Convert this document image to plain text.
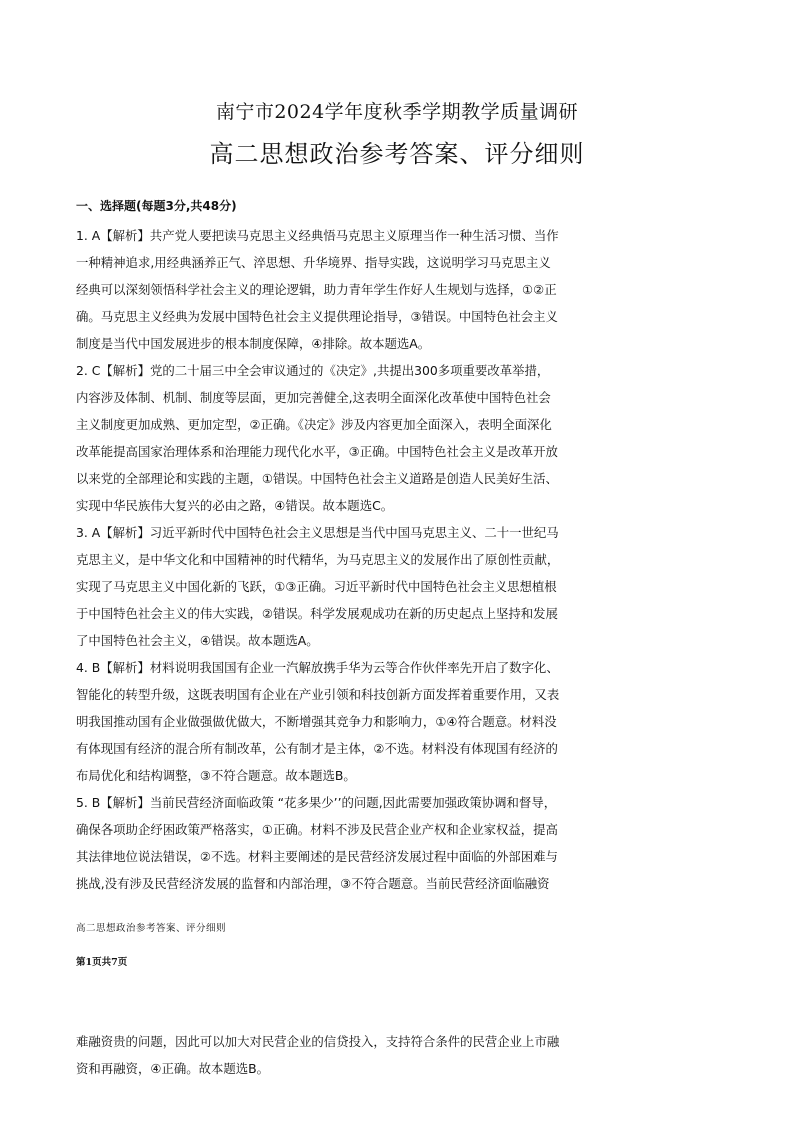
南宁市2024学年度秋季学期教学质量调研
高二思想政治参考答案、评分细则
一、选择题(每题3分,共48分)
1. A【解析】共产党人要把读马克思主义经典悟马克思主义原理当作一种生活习惯、当作
一种精神追求,用经典涵养正气、淬思想、升华境界、指导实践，这说明学习马克思主义
经典可以深刻领悟科学社会主义的理论逻辑，助力青年学生作好人生规划与选择，①②正
确。马克思主义经典为发展中国特色社会主义提供理论指导，③错误。中国特色社会主义
制度是当代中国发展进步的根本制度保障，④排除。故本题选A。
2. C【解析】党的二十届三中全会审议通过的《决定》,共提出300多项重要改革举措，
内容涉及体制、机制、制度等层面，更加完善健全,这表明全面深化改革使中国特色社会
主义制度更加成熟、更加定型，②正确。《决定》涉及内容更加全面深入，表明全面深化
改革能提高国家治理体系和治理能力现代化水平，③正确。中国特色社会主义是改革开放
以来党的全部理论和实践的主题，①错误。中国特色社会主义道路是创造人民美好生活、
实现中华民族伟大复兴的必由之路，④错误。故本题选C。
3. A【解析】习近平新时代中国特色社会主义思想是当代中国马克思主义、二十一世纪马
克思主义，是中华文化和中国精神的时代精华，为马克思主义的发展作出了原创性贡献，
实现了马克思主义中国化新的飞跃，①③正确。习近平新时代中国特色社会主义思想植根
于中国特色社会主义的伟大实践，②错误。科学发展观成功在新的历史起点上坚持和发展
了中国特色社会主义，④错误。故本题选A。
4. B【解析】材料说明我国国有企业一汽解放携手华为云等合作伙伴率先开启了数字化、
智能化的转型升级，这既表明国有企业在产业引领和科技创新方面发挥着重要作用，又表
明我国推动国有企业做强做优做大，不断增强其竞争力和影响力，①④符合题意。材料没
有体现国有经济的混合所有制改革，公有制才是主体，②不选。材料没有体现国有经济的
布局优化和结构调整，③不符合题意。故本题选B。
5. B【解析】当前民营经济面临政策 “花多果少’’的问题,因此需要加强政策协调和督导，
确保各项助企纾困政策严格落实，①正确。材料不涉及民营企业产权和企业家权益，提高
其法律地位说法错误，②不选。材料主要阐述的是民营经济发展过程中面临的外部困难与
挑战,没有涉及民营经济发展的监督和内部治理，③不符合题意。当前民营经济面临融资
高二思想政治参考答案、评分细则
第1页共7页
难融资贵的问题，因此可以加大对民营企业的信贷投入，支持符合条件的民营企业上市融
资和再融资，④正确。故本题选B。
